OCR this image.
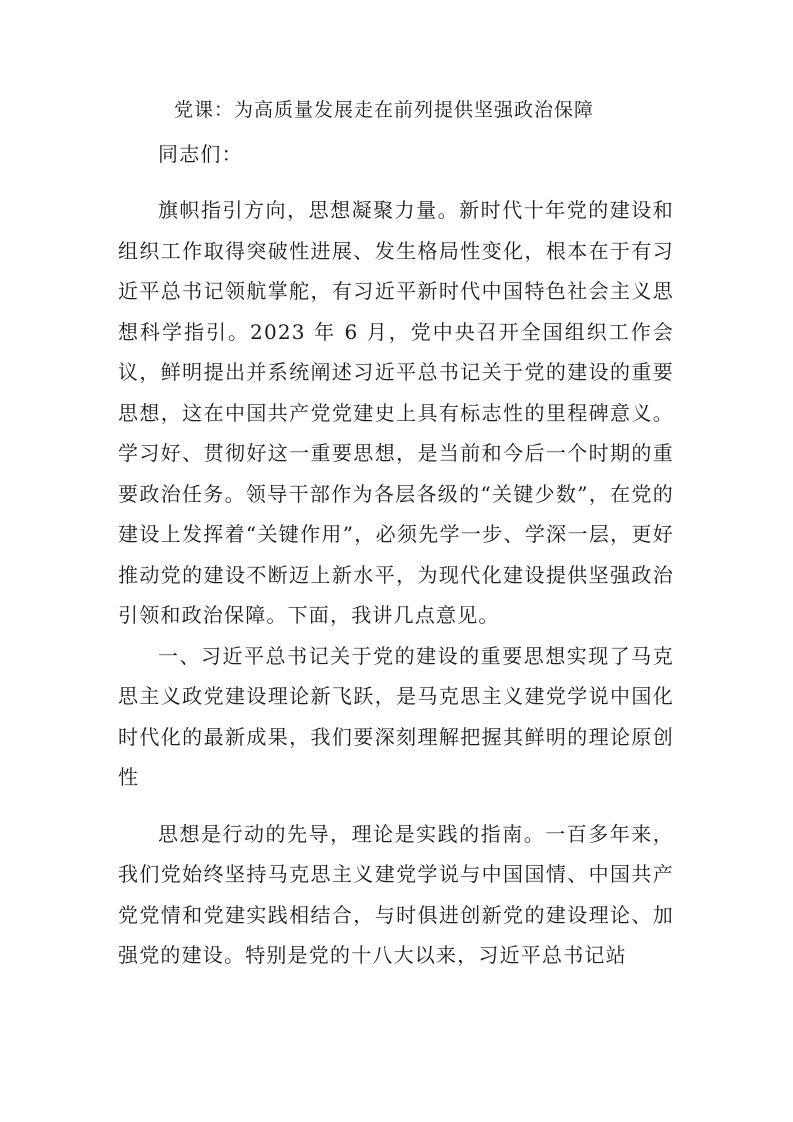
党课：为高质量发展走在前列提供坚强政治保障

同志们：

旗帜指引方向，思想凝聚力量。新时代十年党的建设和组织工作取得突破性进展、发生格局性变化，根本在于有习近平总书记领航掌舵，有习近平新时代中国特色社会主义思想科学指引。2023 年 6 月，党中央召开全国组织工作会议，鲜明提出并系统阐述习近平总书记关于党的建设的重要思想，这在中国共产党党建史上具有标志性的里程碑意义。学习好、贯彻好这一重要思想，是当前和今后一个时期的重要政治任务。领导干部作为各层各级的“关键少数”，在党的建设上发挥着“关键作用”，必须先学一步、学深一层，更好推动党的建设不断迈上新水平，为现代化建设提供坚强政治引领和政治保障。下面，我讲几点意见。

一、习近平总书记关于党的建设的重要思想实现了马克思主义政党建设理论新飞跃，是马克思主义建党学说中国化时代化的最新成果，我们要深刻理解把握其鲜明的理论原创性

思想是行动的先导，理论是实践的指南。一百多年来，我们党始终坚持马克思主义建党学说与中国国情、中国共产党党情和党建实践相结合，与时俱进创新党的建设理论、加强党的建设。特别是党的十八大以来，习近平总书记站
